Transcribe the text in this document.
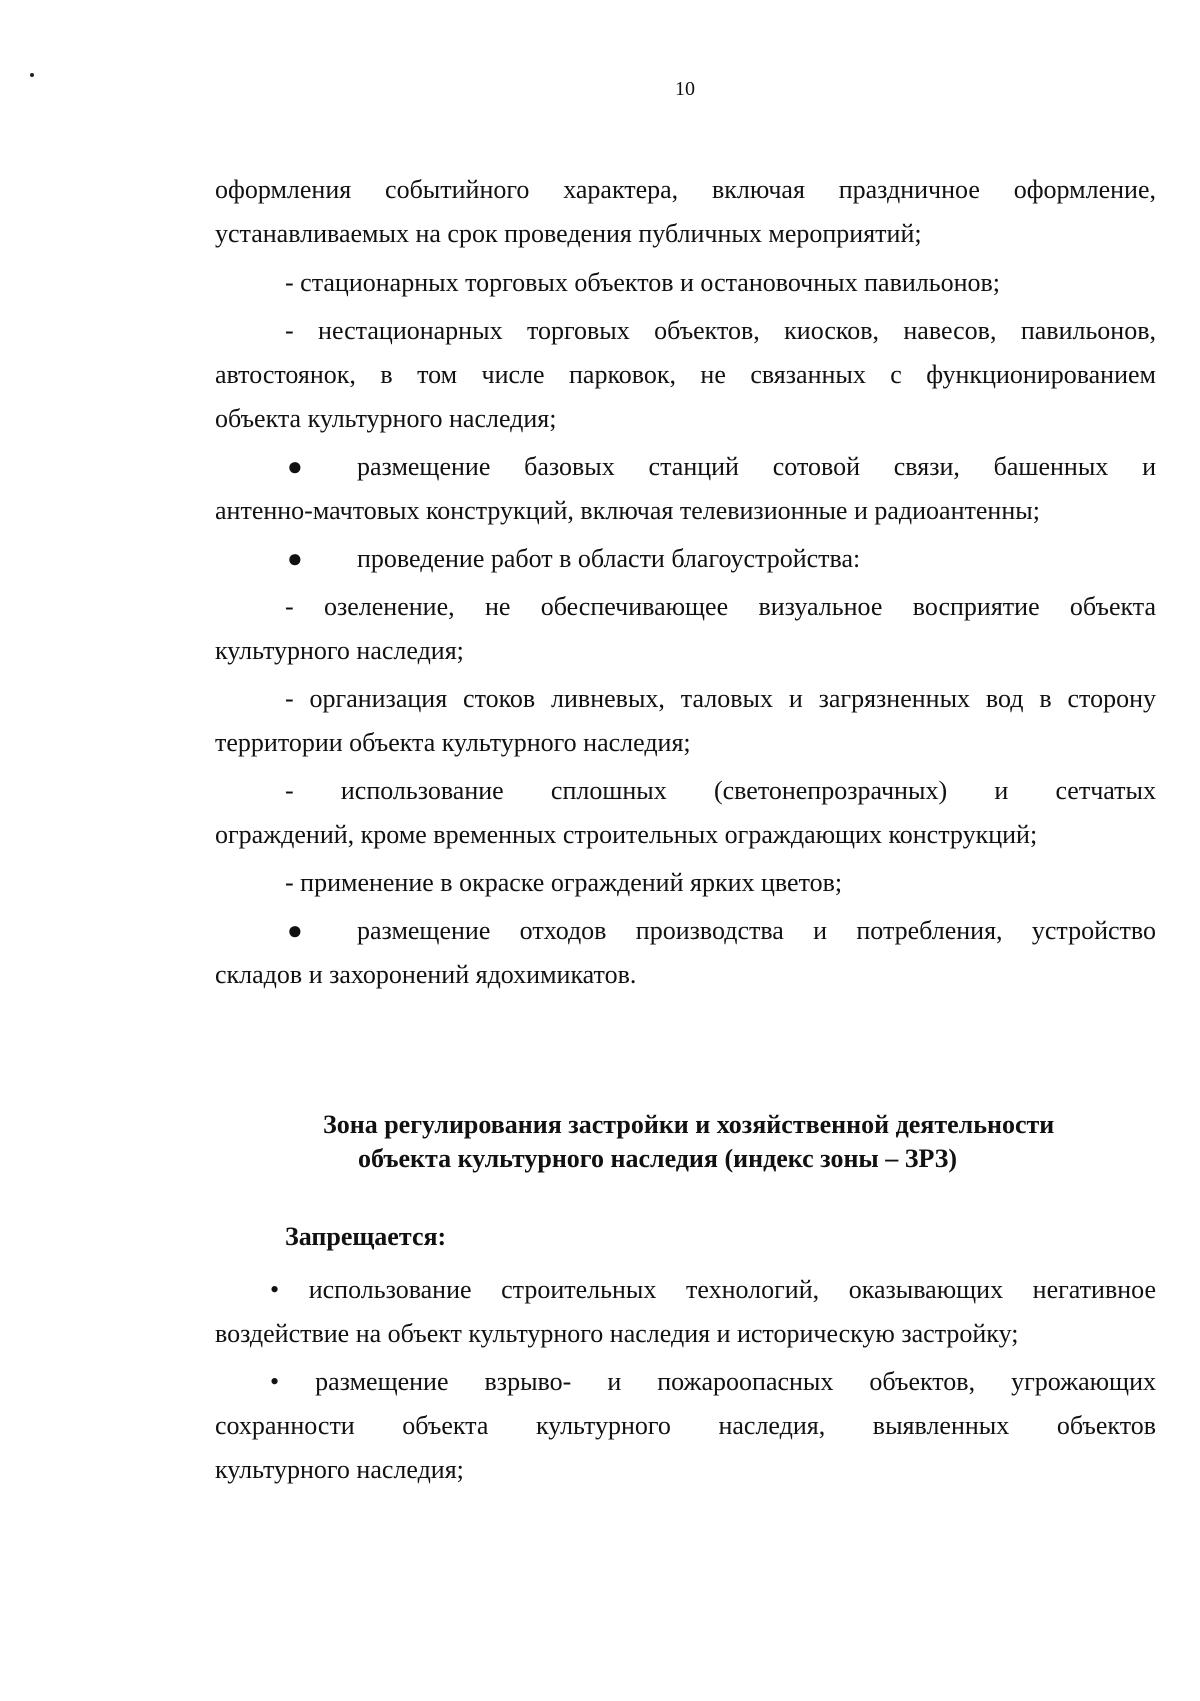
10
оформления событийного характера, включая праздничное оформление,
устанавливаемых на срок проведения публичных мероприятий;
- стационарных торговых объектов и остановочных павильонов;
- нестационарных торговых объектов, киосков, навесов, павильонов,
автостоянок, в том числе парковок, не связанных с функционированием
объекта культурного наследия;
●	размещение базовых станций сотовой связи, башенных и
антенно-мачтовых конструкций, включая телевизионные и радиоантенны;
●	проведение работ в области благоустройства:
- озеленение, не обеспечивающее визуальное восприятие объекта
культурного наследия;
- организация стоков ливневых, таловых и загрязненных вод в сторону
территории объекта культурного наследия;
- использование сплошных (светонепрозрачных) и сетчатых
ограждений, кроме временных строительных ограждающих конструкций;
- применение в окраске ограждений ярких цветов;
●	размещение отходов производства и потребления, устройство
складов и захоронений ядохимикатов.
Зона регулирования застройки и хозяйственной деятельности
объекта культурного наследия (индекс зоны – ЗРЗ)
Запрещается:
• использование строительных технологий, оказывающих негативное
воздействие на объект культурного наследия и историческую застройку;
• размещение взрыво- и пожароопасных объектов, угрожающих
сохранности объекта культурного наследия, выявленных объектов
культурного наследия;
